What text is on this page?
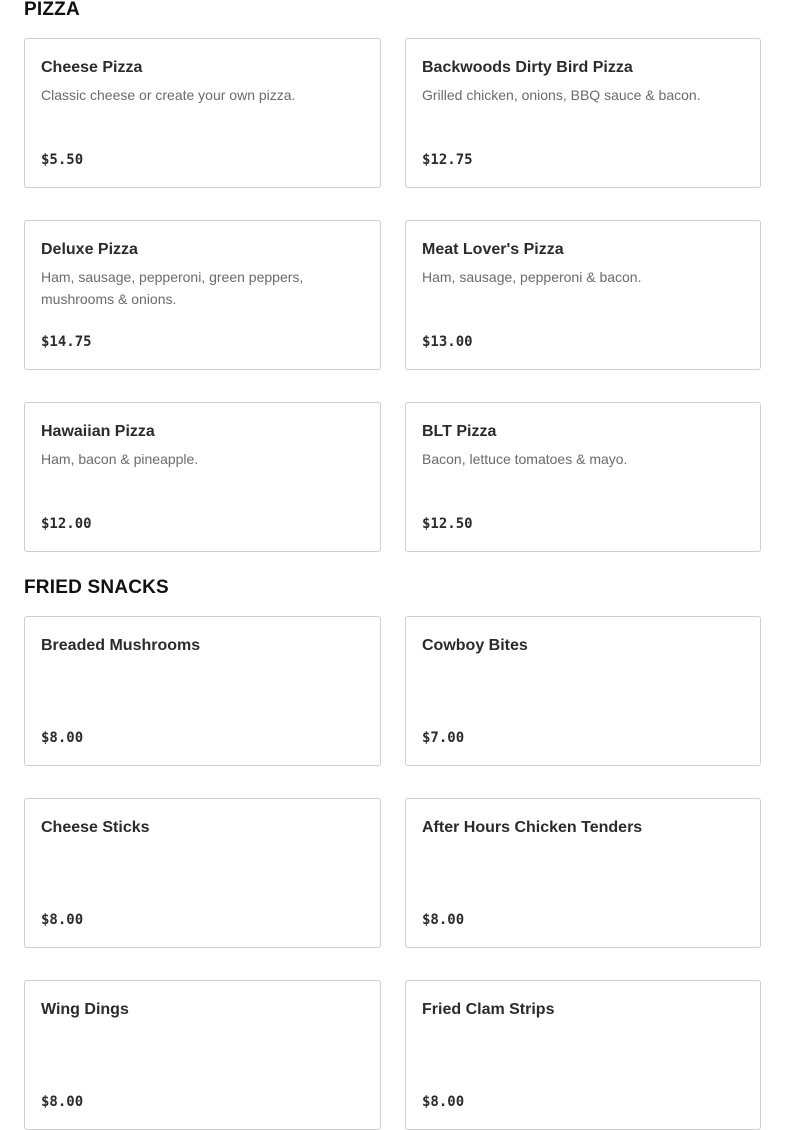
PIZZA
Cheese Pizza
Classic cheese or create your own pizza.
$5.50
Backwoods Dirty Bird Pizza
Grilled chicken, onions, BBQ sauce & bacon.
$12.75
Deluxe Pizza
Ham, sausage, pepperoni, green peppers, mushrooms & onions.
$14.75
Meat Lover's Pizza
Ham, sausage, pepperoni & bacon.
$13.00
Hawaiian Pizza
Ham, bacon & pineapple.
$12.00
BLT Pizza
Bacon, lettuce tomatoes & mayo.
$12.50
FRIED SNACKS
Breaded Mushrooms
$8.00
Cowboy Bites
$7.00
Cheese Sticks
$8.00
After Hours Chicken Tenders
$8.00
Wing Dings
$8.00
Fried Clam Strips
$8.00
